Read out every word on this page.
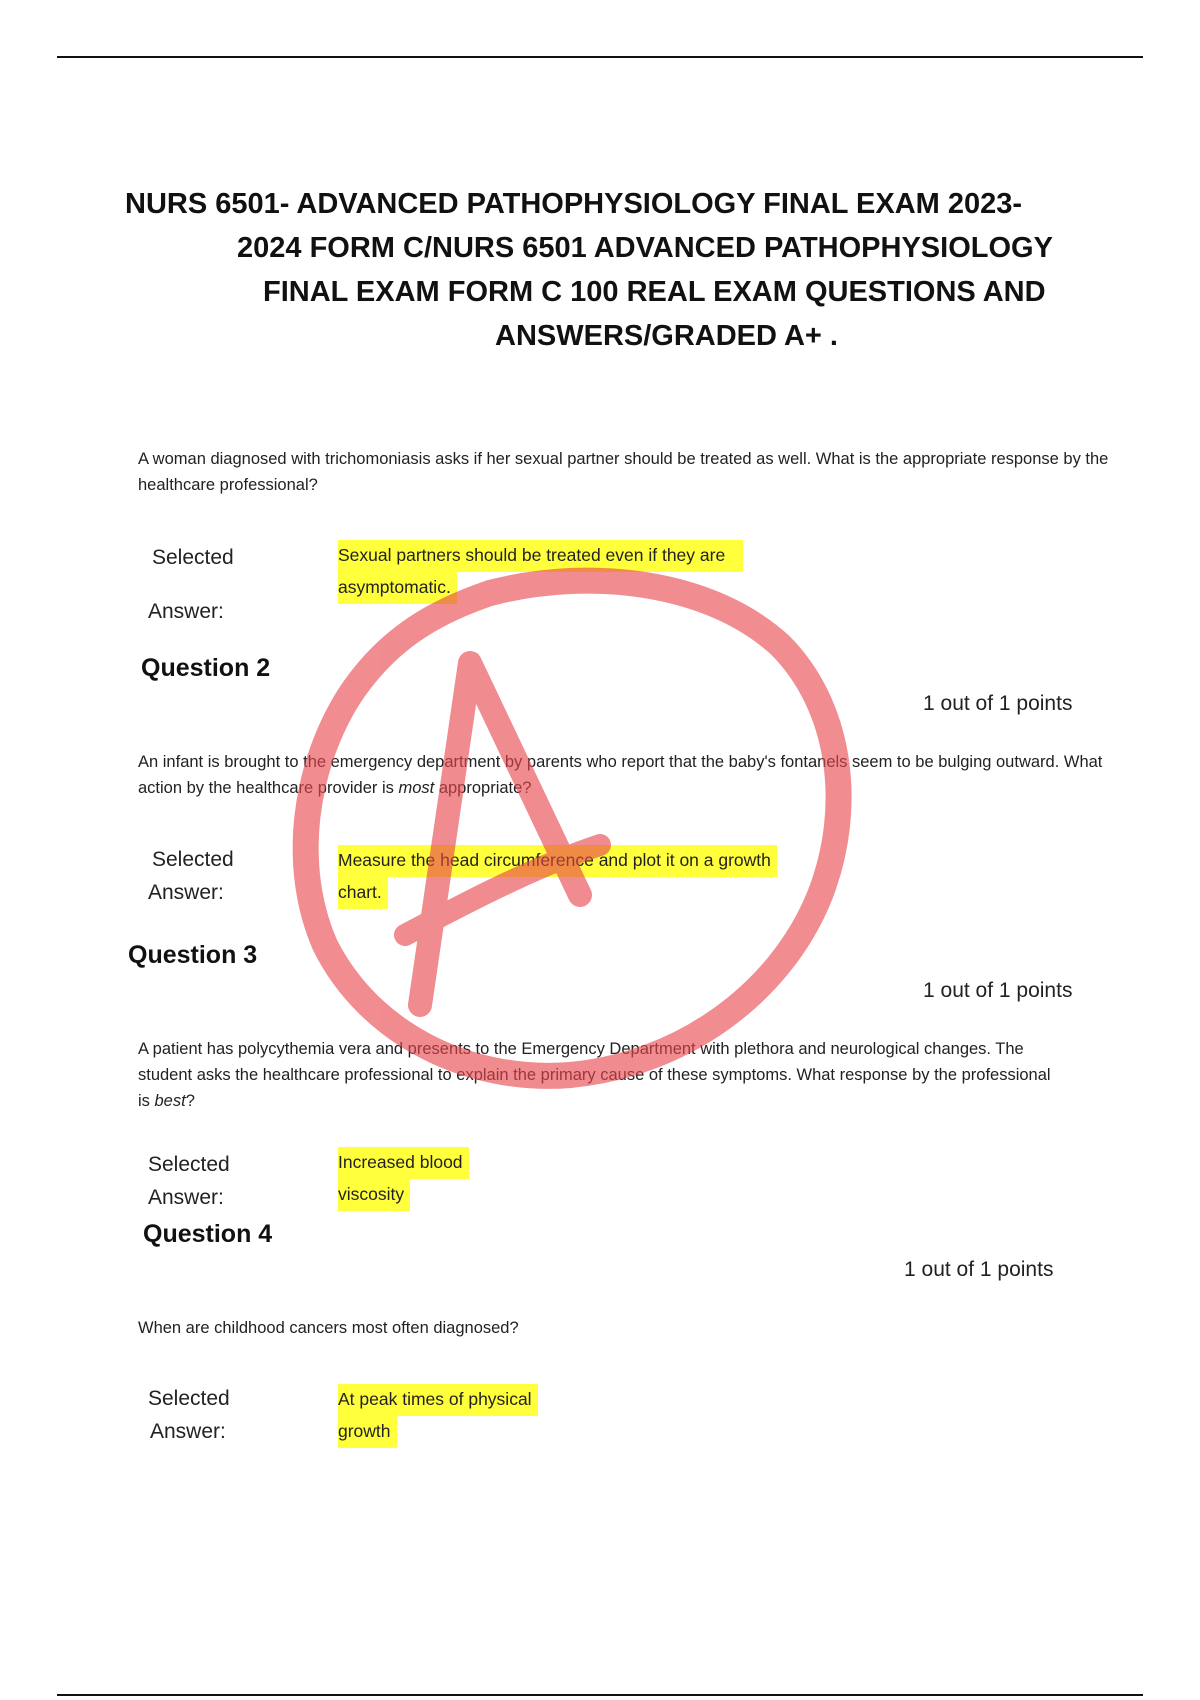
NURS 6501- ADVANCED PATHOPHYSIOLOGY FINAL EXAM 2023-
2024 FORM C/NURS 6501 ADVANCED PATHOPHYSIOLOGY
FINAL EXAM FORM C 100 REAL EXAM QUESTIONS AND
ANSWERS/GRADED A+ .
A woman diagnosed with trichomoniasis asks if her sexual partner should be treated as well. What is the appropriate response by the healthcare professional?
Selected
Answer:
Sexual partners should be treated even if they are
asymptomatic.
Question 2
1 out of 1 points
An infant is brought to the emergency department by parents who report that the baby's fontanels seem to be bulging outward. What action by the healthcare provider is most appropriate?
Selected
Answer:
Measure the head circumference and plot it on a growth
chart.
Question 3
1 out of 1 points
A patient has polycythemia vera and presents to the Emergency Department with plethora and neurological changes. The student asks the healthcare professional to explain the primary cause of these symptoms. What response by the professional is best?
Selected
Answer:
Increased blood
viscosity
Question 4
1 out of 1 points
When are childhood cancers most often diagnosed?
Selected
Answer:
At peak times of physical
growth
